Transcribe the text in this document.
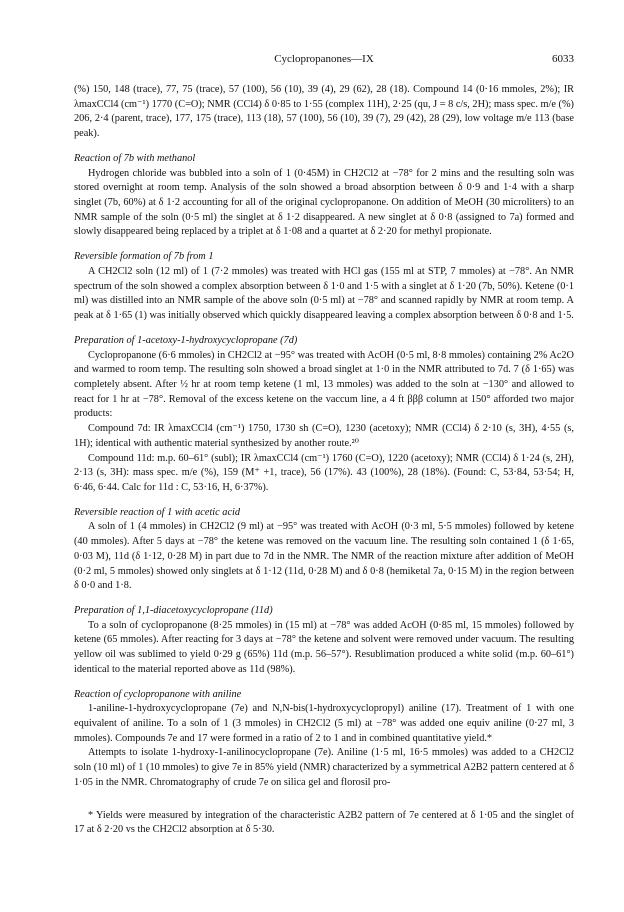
Cyclopropanones—IX	6033

(%) 150, 148 (trace), 77, 75 (trace), 57 (100), 56 (10), 39 (4), 29 (62), 28 (18). Compound 14 (0·16 mmoles, 2%); IR λmaxCCl4 (cm⁻¹) 1770 (C=O); NMR (CCl4) δ 0·85 to 1·55 (complex 11H), 2·25 (qu, J = 8 c/s, 2H); mass spec. m/e (%) 206, 2·4 (parent, trace), 177, 175 (trace), 113 (18), 57 (100), 56 (10), 39 (7), 29 (42), 28 (29), low voltage m/e 113 (base peak).

Reaction of 7b with methanol

Hydrogen chloride was bubbled into a soln of 1 (0·45M) in CH2Cl2 at −78° for 2 mins and the resulting soln was stored overnight at room temp. Analysis of the soln showed a broad absorption between δ 0·9 and 1·4 with a sharp singlet (7b, 60%) at δ 1·2 accounting for all of the original cyclopropanone. On addition of MeOH (30 microliters) to an NMR sample of the soln (0·5 ml) the singlet at δ 1·2 disappeared. A new singlet at δ 0·8 (assigned to 7a) formed and slowly disappeared being replaced by a triplet at δ 1·08 and a quartet at δ 2·20 for methyl propionate.

Reversible formation of 7b from 1

A CH2Cl2 soln (12 ml) of 1 (7·2 mmoles) was treated with HCl gas (155 ml at STP, 7 mmoles) at −78°. An NMR spectrum of the soln showed a complex absorption between δ 1·0 and 1·5 with a singlet at δ 1·20 (7b, 50%). Ketene (0·1 ml) was distilled into an NMR sample of the above soln (0·5 ml) at −78° and scanned rapidly by NMR at room temp. A peak at δ 1·65 (1) was initially observed which quickly disappeared leaving a complex absorption between δ 0·8 and 1·5.

Preparation of 1-acetoxy-1-hydroxycyclopropane (7d)

Cyclopropanone (6·6 mmoles) in CH2Cl2 at −95° was treated with AcOH (0·5 ml, 8·8 mmoles) containing 2% Ac2O and warmed to room temp. The resulting soln showed a broad singlet at 1·0 in the NMR attributed to 7d. 7 (δ 1·65) was completely absent. After ½ hr at room temp ketene (1 ml, 13 mmoles) was added to the soln at −130° and allowed to react for 1 hr at −78°. Removal of the excess ketene on the vaccum line, a 4 ft βββ column at 150° afforded two major products:

Compound 7d: IR λmaxCCl4 (cm⁻¹) 1750, 1730 sh (C=O), 1230 (acetoxy); NMR (CCl4) δ 2·10 (s, 3H), 4·55 (s, 1H); identical with authentic material synthesized by another route.²⁰

Compound 11d: m.p. 60–61° (subl); IR λmaxCCl4 (cm⁻¹) 1760 (C=O), 1220 (acetoxy); NMR (CCl4) δ 1·24 (s, 2H), 2·13 (s, 3H): mass spec. m/e (%), 159 (M⁺ +1, trace), 56 (17%). 43 (100%), 28 (18%). (Found: C, 53·84, 53·54; H, 6·46, 6·44. Calc for 11d : C, 53·16, H, 6·37%).

Reversible reaction of 1 with acetic acid

A soln of 1 (4 mmoles) in CH2Cl2 (9 ml) at −95° was treated with AcOH (0·3 ml, 5·5 mmoles) followed by ketene (40 mmoles). After 5 days at −78° the ketene was removed on the vacuum line. The resulting soln contained 1 (δ 1·65, 0·03 M), 11d (δ 1·12, 0·28 M) in part due to 7d in the NMR. The NMR of the reaction mixture after addition of MeOH (0·2 ml, 5 mmoles) showed only singlets at δ 1·12 (11d, 0·28 M) and δ 0·8 (hemiketal 7a, 0·15 M) in the region between δ 0·0 and 1·8.

Preparation of 1,1-diacetoxycyclopropane (11d)

To a soln of cyclopropanone (8·25 mmoles) in (15 ml) at −78° was added AcOH (0·85 ml, 15 mmoles) followed by ketene (65 mmoles). After reacting for 3 days at −78° the ketene and solvent were removed under vacuum. The resulting yellow oil was sublimed to yield 0·29 g (65%) 11d (m.p. 56–57°). Resublimation produced a white solid (m.p. 60–61°) identical to the material reported above as 11d (98%).

Reaction of cyclopropanone with aniline

1-aniline-1-hydroxycyclopropane (7e) and N,N-bis(1-hydroxycyclopropyl) aniline (17). Treatment of 1 with one equivalent of aniline. To a soln of 1 (3 mmoles) in CH2Cl2 (5 ml) at −78° was added one equiv aniline (0·27 ml, 3 mmoles). Compounds 7e and 17 were formed in a ratio of 2 to 1 and in combined quantitative yield.*

Attempts to isolate 1-hydroxy-1-anilinocyclopropane (7e). Aniline (1·5 ml, 16·5 mmoles) was added to a CH2Cl2 soln (10 ml) of 1 (10 mmoles) to give 7e in 85% yield (NMR) characterized by a symmetrical A2B2 pattern centered at δ 1·05 in the NMR. Chromatography of crude 7e on silica gel and florosil pro-

* Yields were measured by integration of the characteristic A2B2 pattern of 7e centered at δ 1·05 and the singlet of 17 at δ 2·20 vs the CH2Cl2 absorption at δ 5·30.
